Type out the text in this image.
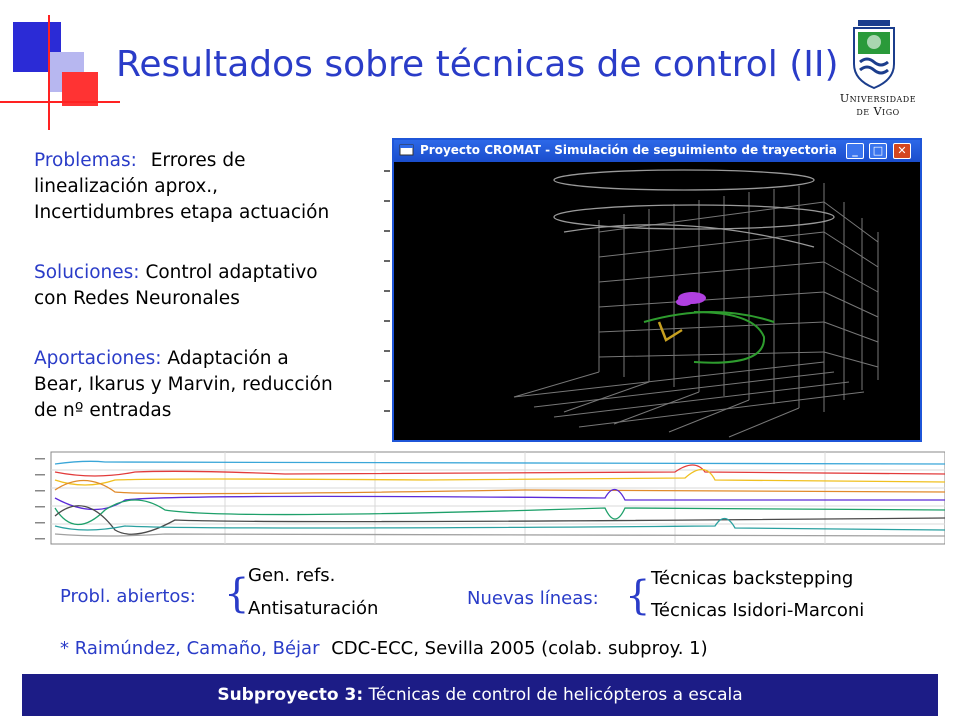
Resultados sobre técnicas de control (II)
Universidade
de Vigo
Problemas: Errores de
linealización aprox.,
Incertidumbres etapa actuación
Soluciones: Control adaptativo
con Redes Neuronales
Aportaciones: Adaptación a
Bear, Ikarus y Marvin, reducción
de nº entradas
Proyecto CROMAT - Simulación de seguimiento de trayectoria	_	□	✕
Probl. abiertos: {
Gen. refs.
Antisaturación	Nuevas líneas: { Técnicas backstepping
Técnicas Isidori-Marconi
* Raimúndez, Camaño, Béjar CDC-ECC, Sevilla 2005 (colab. subproy. 1)
Subproyecto 3: Técnicas de control de helicópteros a escala
